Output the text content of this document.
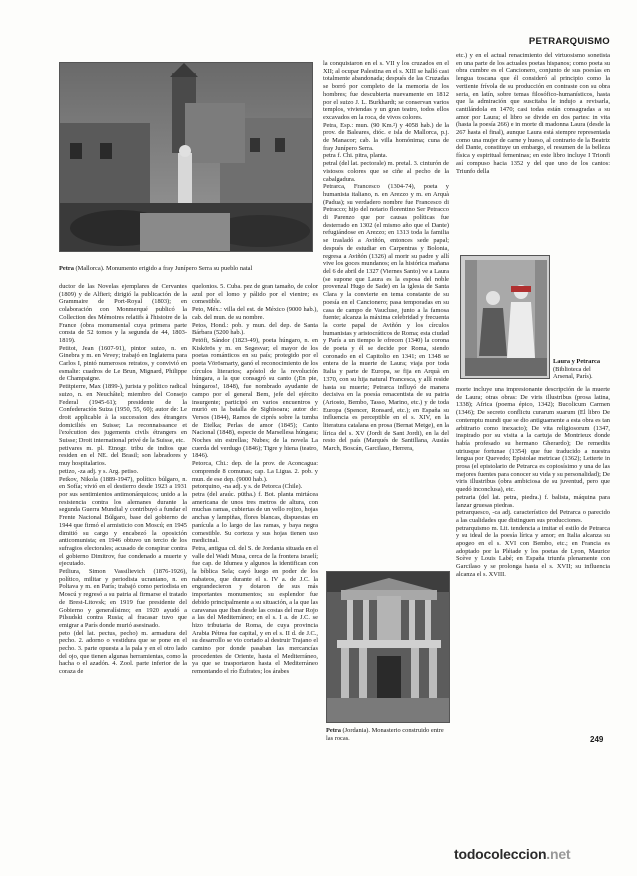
PETRARQUISMO
Petra (Mallorca). Monumento erigido a fray Junípero Serra su pueblo natal

ductor de las Novelas ejemplares de Cervantes (1809) y de Alfieri; dirigió la publicación de la Grammaire de Port-Royal (1803); en colaboración con Monmerqué publicó la Collection des Mémoires relatifs à l'histoire de la France (obra monumental cuya primera parte consta de 52 tomos y la segunda de 44, 1803-1819).

Petitot, Jean (1607-91), pintor suizo, n. en Ginebra y m. en Vevey; trabajó en Inglaterra para Carlos I, pintó numerosos retratos, y convivió en esmalte: cuadros de Le Brun, Mignard, Philippe de Champaigne.

Petitpierre, Max (1899-), jurista y político radical suizo, n. en Neuchâtel; miembro del Consejo Federal (1945-61); presidente de la Confederación Suiza (1950, 55, 60); autor de: Le droit applicable à la succession des étrangers domiciliés en Suisse; La reconnaissance et l'exécution des jugements civils étrangers en Suisse; Droit international privé de la Suisse, etc.

petivares m. pl. Etnogr. tribu de indios que residen en el NE. del Brasil; son labradores y muy hospitalarios.

petizo, -za adj. y s. Arg. petiso.

Petkov, Nikola (1889-1947), político búlgaro, n. en Sofía; vivió en el destierro desde 1923 a 1931 por sus sentimientos antimonárquicos; unido a la resistencia contra los alemanes durante la segunda Guerra Mundial y contribuyó a fundar el Frente Nacional Búlgaro, base del gobierno de 1944 que firmó el armisticio con Moscú; en 1945 dimitió su cargo y encabezó la oposición anticomunista; en 1946 obtuvo un tercio de los sufragios electorales; acusado de conspirar contra el gobierno Dimitrov, fue condenado a muerte y ejecutado.

Petliura, Simon Vassilievich (1876-1926), político, militar y periodista ucraniano, n. en Poltava y m. en París; trabajó como periodista en Moscú y regresó a su patria al firmarse el tratado de Brest-Litovsk; en 1919 fue presidente del Gobierno y generalísimo; en 1920 ayudó a Pilsudski contra Rusia; al fracasar tuvo que emigrar a París donde murió asesinado.

peto (del lat. pectus, pecho) m. armadura del pecho. 2. adorno o vestidura que se pone en el pecho. 3. parte opuesta a la pala y en el otro lado del ojo, que tienen algunas herramientas, como la hacha o el azadón. 4. Zool. parte inferior de la coraza de

quelonios. 5. Cuba. pez de gran tamaño, de color azul por el lomo y pálido por el vientre; es comestible.

Peto, Méx.: villa del est. de México (9000 hab.), cab. del mun. de su nombre.

Petos, Hond.: pob. y mun. del dep. de Santa Bárbara (5200 hab.).

Petöfi, Sándor (1823-49), poeta húngaro, n. en Kiskörös y m. en Segesvar; el mayor de los poetas románticos en su país; protegido por el poeta Vörösmarty, ganó el reconocimiento de los círculos literarios; apóstol de la revolución húngara, a la que consagró su canto (¡En pie, húngaros!, 1848), fue nombrado ayudante de campo por el general Bem, jefe del ejército insurgente; participó en varios encuentros y murió en la batalla de Sighisoara; autor de: Versos (1844), Ramos de ciprés sobre la tumba de Etelka; Perlas de amor (1845); Canto Nacional (1848), especie de Marsellesa húngara; Noches sin estrellas; Nubes; de la novela La cuerda del verdugo (1846); Tigre y hiena (teatro, 1846).

Petorca, Chi.: dep. de la prov. de Aconcagua: comprende 8 comunas; cap. La Ligua. 2. pob. y mun. de ese dep. (9000 hab.).

petorquino, -na adj. y s. de Petorca (Chile).

petra (del araúc. pütha.) f. Bot. planta mirtácea americana de unos tres metros de altura, con muchas ramas, cubiertas de un vello rojizo, hojas anchas y lampiñas, flores blancas, dispuestas en panícula a lo largo de las ramas, y baya negra comestible. Su corteza y sus hojas tienen uso medicinal.

Petra, antigua cd. del S. de Jordania situada en el valle del Wadi Musa, cerca de la frontera israelí; fue cap. de Idumea y algunos la identifican con la bíblica Sela; cayó luego en poder de los nabateos, que durante el s. IV a. de J.C. la engrandecieron y dotaron de sus más importantes monumentos; su esplendor fue debido principalmente a su situación, a la que las caravanas que iban desde las costas del mar Rojo a las del Mediterráneo; en el s. I a. de J.C. se hizo tributaria de Roma, de cuya provincia Arabia Pétrea fue capital, y en el s. II d. de J.C., su desarrollo se vio cortado al destruir Trajano el camino por donde pasaban las mercancías procedentes de Oriente, hasta el Mediterráneo, ya que se trasportaron hasta el Mediterráneo remontando el río Éufrates; los árabes

la conquistaron en el s. VII y los cruzados en el XII; al ocupar Palestina en el s. XIII se halló casi totalmente abandonada; después de las Cruzadas se borró por completo de la memoria de los hombres; fue descubierta nuevamente en 1812 por el suizo J. L. Burkhardt; se conservan varios templos, viviendas y un gran teatro, todos ellos excavados en la roca, de vivos colores.

Petra, Esp.: mun. (90 Km.²) y 4058 hab.) de la prov. de Baleares, dióc. e isla de Mallorca, p.j. de Manacor; cab. la villa homónima; cuna de fray Junípero Serra.

petra f. Chi. pitra, planta.

petral (del lat. pectorale) m. pretal. 3. cinturón de vistosos colores que se ciñe al pecho de la cabalgadura.

Petrarca, Francesco (1304-74), poeta y humanista italiano, n. en Arezzo y m. en Arquà (Padua); su verdadero nombre fue Francesco di Petracco; hijo del notario florentino Ser Petracco di Parenzo que por causas políticas fue desterrado en 1302 (el mismo año que el Dante) refugiándose en Arezzo; en 1313 toda la familia se trasladó a Aviñón, entonces sede papal; después de estudiar en Carpentras y Bolonia, regresa a Aviñón (1326) al morir su padre y allí vive los goces mundanos; en la histórica mañana del 6 de abril de 1327 (Viernes Santo) ve a Laura (se supone que Laura es la esposa del noble provenzal Hugo de Sade) en la iglesia de Santa Clara y la convierte en tema constante de su poesía en el Cancionero; pasa temporadas en su casa de campo de Vaucluse, junto a la famosa fuente; alcanza la máxima celebridad y frecuenta la corte papal de Aviñón y los círculos humanistas y aristocráticos de Roma; esta ciudad y París a un tiempo le ofrecen (1340) la corona de poeta y él se decide por Roma, siendo coronado en el Capitolio en 1341; en 1348 se entera de la muerte de Laura; viaja por toda Italia y parte de Europa, se fija en Arquà en 1370, con su hija natural Francesca, y allí reside hasta su muerte; Petrarca influyó de manera decisiva en la poesía renacentista de su patria (Ariosto, Bembo, Tasso, Marino, etc.) y de toda Europa (Spencer, Ronsard, etc.); en España su influencia es perceptible en el s. XIV, en la literatura catalana en prosa (Bernat Metge), en la lírica del s. XV (Jordi de Sant Jordi), en la del resto del país (Marqués de Santillana, Ausiàs March, Boscán, Garcilaso, Herrera,

Petra (Jordania). Monasterio construido entre las rocas.

etc.) y en el actual renacimiento del virtuosismo sonetista en una parte de los actuales poetas hispanos; como poeta su obra cumbre es el Cancionero, conjunto de sus poesías en lengua toscana que él consideró al principio como la vertiente frívola de su producción en contraste con su obra seria, en latín, sobre temas filosófico-humanísticos, hasta que la admiración que suscitaba le indujo a revisarla, cantilándola en 1470; casi todas están consagradas a su amor por Laura; el libro se divide en dos partes: in vita (hasta la poesía 266) e in morte di madonna Laura (desde la 267 hasta el final), aunque Laura está siempre representada como una mujer de carne y hueso, al contrario de la Beatriz del Dante, constituye un embargo, el resumen de la belleza física y espiritual femeninas; en este libro incluye I Trionfi así compuso hacia 1352 y del que uno de los cantos: Triunfo della

Laura y Petrarca (Biblioteca del Arsenal, París).

morte incluye una impresionante descripción de la muerte de Laura; otras obras: De viris illustribus (prosa latina, 1338); Africa (poema épico, 1342); Bucolicum Carmen (1346); De secreto conflictu curarum suarum (El libro De contemptu mundi que se dio antiguamente a esta obra es tan arbitrario como inexacto); De vita religiosorum (1347, inspirado por su visita a la cartuja de Montrieux donde había profesado su hermano Gherardo); De remediis utriusque fortunae (1354) que fue traducido a nuestra lengua por Quevedo; Epistolae metricae (1362); Letterte in prosa (el epistolario de Petrarca es copiosísimo y una de las mejores fuentes para conocer su vida y su personalidad); De viris illustribus (obra ambiciosa de su juventud, pero que quedó inconclusa), etc.

petraria (del lat. petra, piedra.) f. balista, máquina para lanzar gruesas piedras.

petrarquesco, -ca adj. característico del Petrarca o parecido a las cualidades que distinguen sus producciones.

petrarquismo m. Lit. tendencia a imitar el estilo de Petrarca y su ideal de la poesía lírica y amor; en Italia alcanza su apogeo en el s. XVI con Bembo, etc.; en Francia es adoptado por la Pléiade y los poetas de Lyon, Maurice Scève y Louis Labé; en España triunfa plenamente con Garcilaso y se prolonga hasta el s. XVII; su influencia alcanza el s. XVIII.

249
todocoleccion.net
